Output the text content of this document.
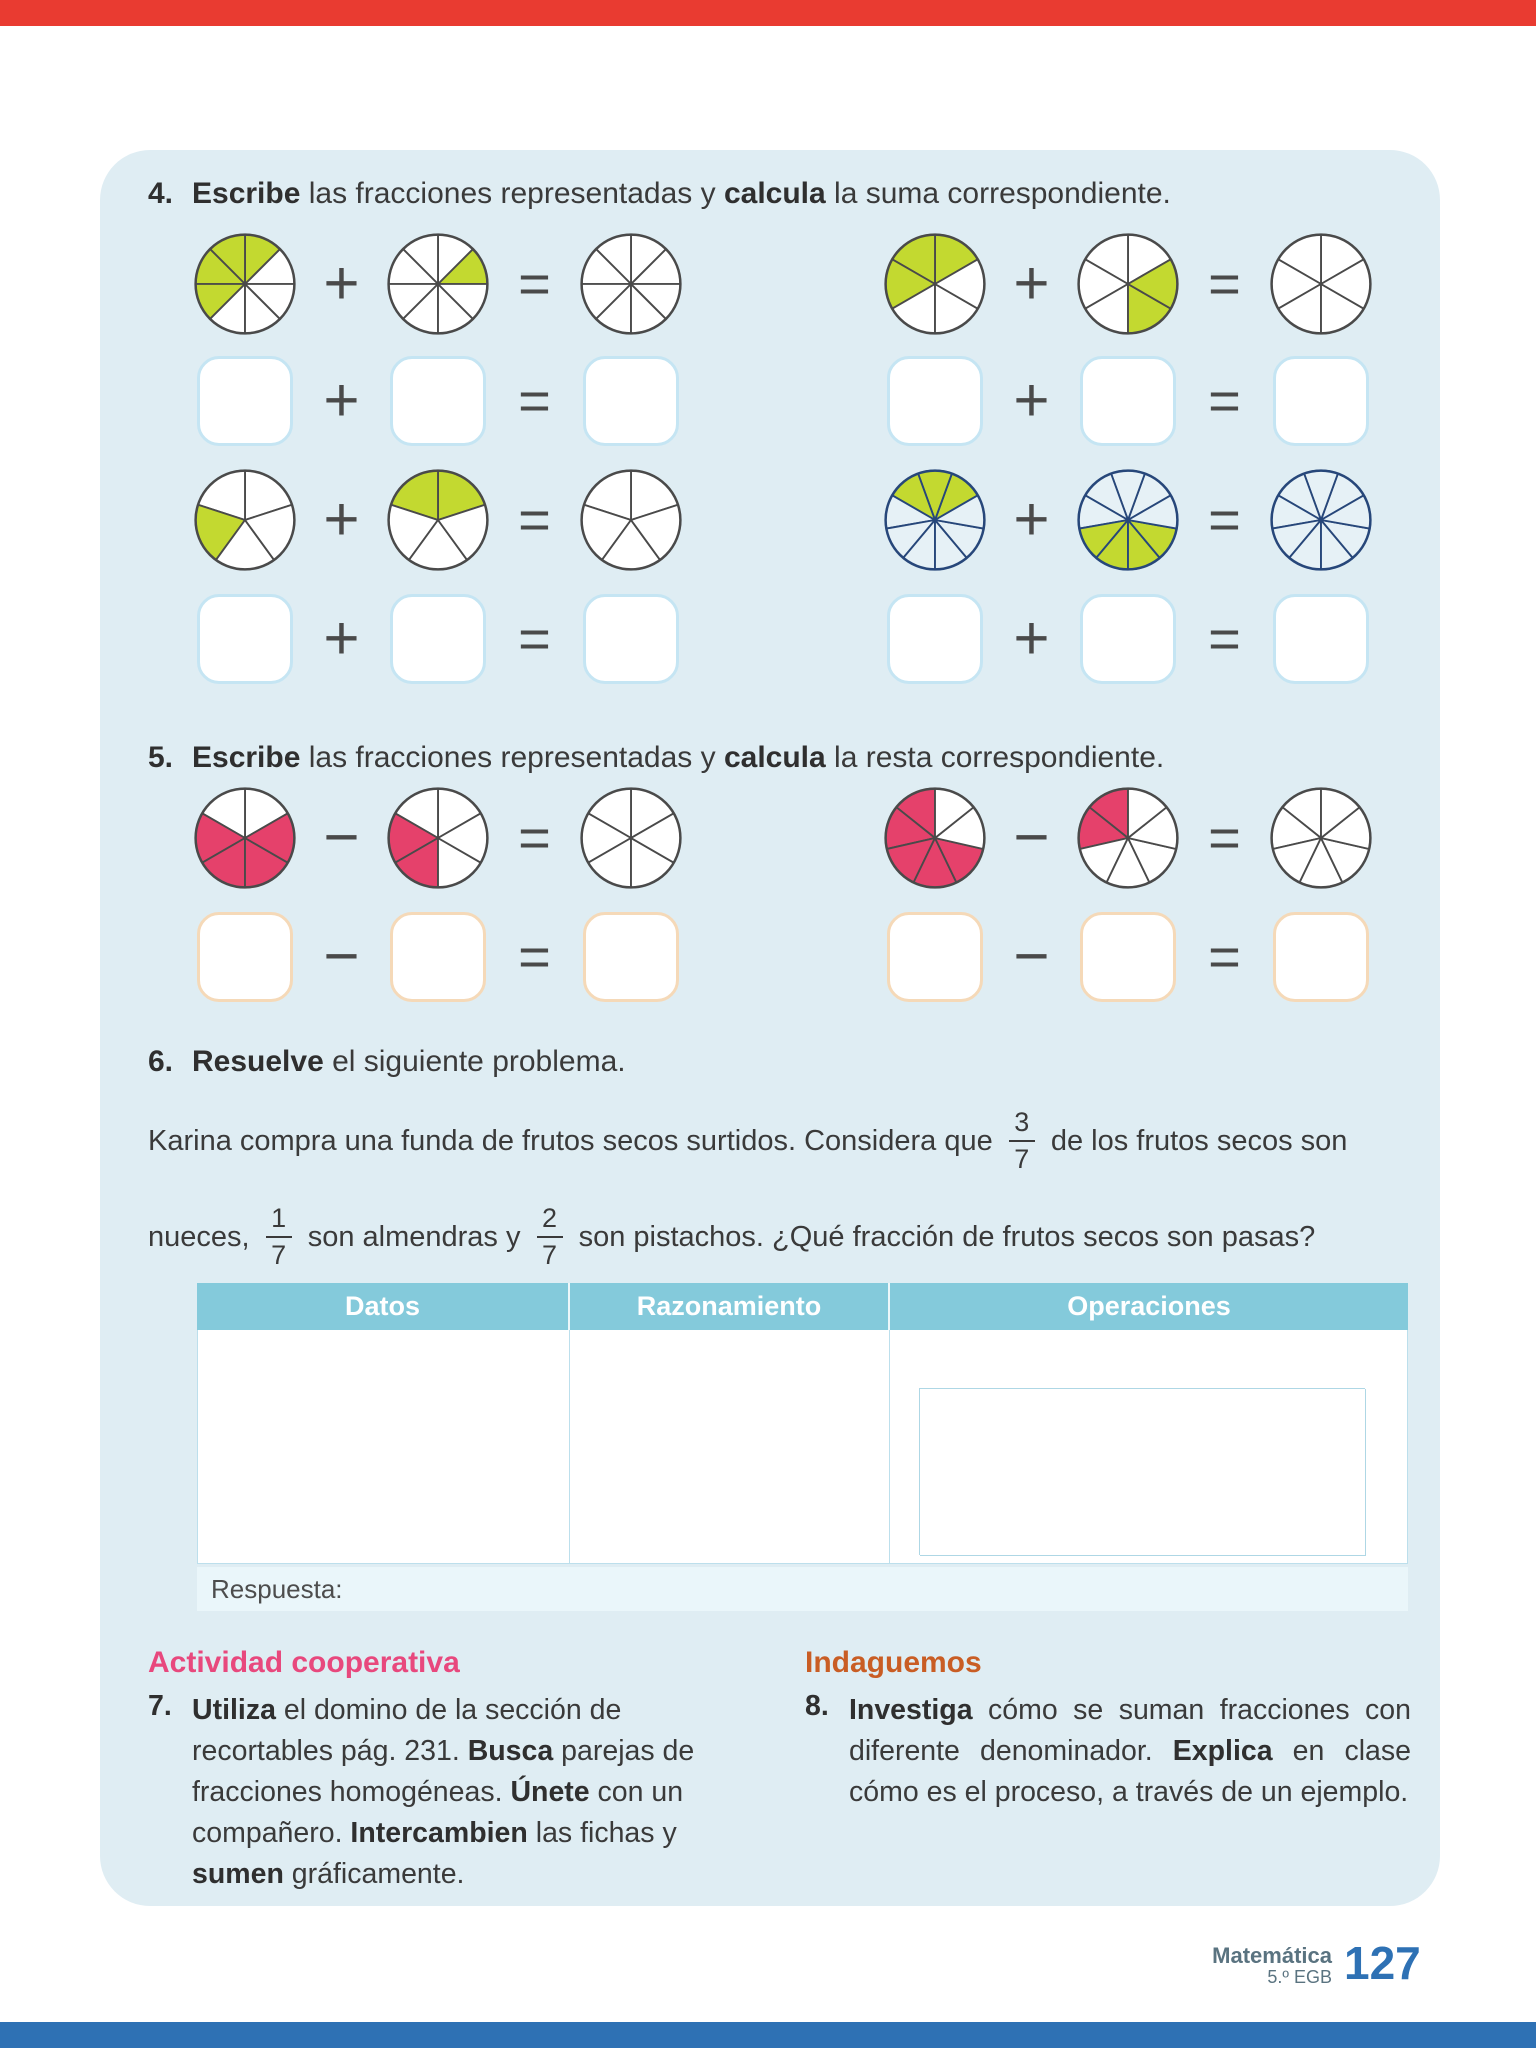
4. Escribe las fracciones representadas y calcula la suma correspondiente.
+	=	+	=
+	=	+	=
+	=	+	=
+	=	+	=
5. Escribe las fracciones representadas y calcula la resta correspondiente.
−	=	−	=
−	=	−	=
6. Resuelve el siguiente problema.
Karina compra una funda de frutos secos surtidos. Considera que $\frac{3}{7}$ de los frutos secos son
nueces, $\frac{1}{7}$ son almendras y $\frac{2}{7}$ son pistachos. ¿Qué fracción de frutos secos son pasas?
Datos	Razonamiento	Operaciones
Respuesta:
Actividad cooperativa	Indaguemos
7. Utiliza el domino de la sección de
recortables pág. 231. Busca parejas de
fracciones homogéneas. Únete con un
compañero. Intercambien las fichas y
sumen gráficamente.
8. Investiga cómo se suman fracciones con
diferente denominador. Explica en clase
cómo es el proceso, a través de un ejemplo.
Matemática
5.º EGB 127
